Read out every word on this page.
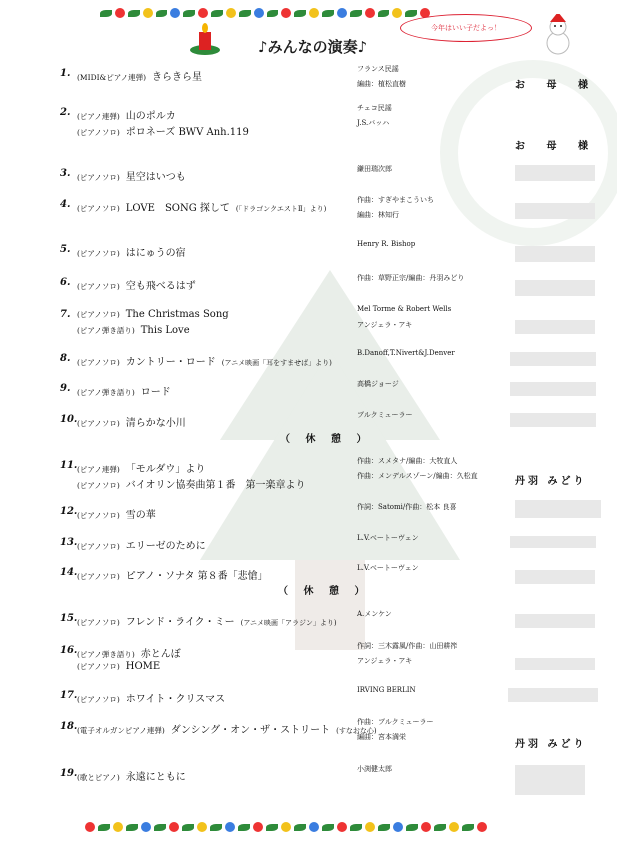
♪みんなの演奏♪
今年はいい子だよっ！
1. (MIDI&ピアノ連弾) きらきら星
フランス民謡
編曲：植松直樹	お 母 様
2. (ピアノ連弾) 山のポルカ
(ピアノソロ) ポロネーズ BWV Anh.119
チェコ民謡
J.S.バッハ
お 母 様
3. (ピアノソロ) 星空はいつも
鎌田瑞次郎
4. (ピアノソロ) LOVE　SONG 探して (「ドラゴンクエストⅡ」より)
作曲：すぎやまこういち
編曲：林知行
5. (ピアノソロ) はにゅうの宿
Henry R. Bishop
6. (ピアノソロ) 空も飛べるはず
作曲：草野正宗/編曲：丹羽みどり
7. (ピアノソロ) The Christmas Song
(ピアノ弾き語り) This Love
Mel Torme & Robert Wells
アンジェラ・アキ
8. (ピアノソロ) カントリー・ロード (アニメ映画「耳をすませば」より)
B.Danoff,T.Nivert&J.Denver
9. (ピアノ弾き語り) ロード
高橋ジョージ
10. (ピアノソロ) 清らかな小川
ブルクミューラー
11. (ピアノ連弾) 「モルダウ」より
(ピアノソロ) バイオリン協奏曲第１番　第一楽章より
作曲：スメタナ/編曲：大牧直人
作曲：メンデルスゾーン/編曲：久松直	丹羽 みどり
12. (ピアノソロ) 雪の華
作詞：Satomi/作曲：松本 良喜
13. (ピアノソロ) エリーゼのために
L.V.ベートーヴェン
14. (ピアノソロ) ピアノ・ソナタ 第８番「悲愴」
L.V.ベートーヴェン
15. (ピアノソロ) フレンド・ライク・ミー (アニメ映画「アラジン」より)
A.メンケン
16. (ピアノ弾き語り) 赤とんぼ
(ピアノソロ) HOME
作詞：三木露風/作曲：山田耕筰
アンジェラ・アキ
17. (ピアノソロ) ホワイト・クリスマス
IRVING BERLIN
18. (電子オルガンピアノ連弾) ダンシング・オン・ザ・ストリート (すなおな心)
作曲：ブルクミューラー
編曲：宮本満栄
丹羽 みどり
19. (歌とピアノ) 永遠にともに
小渕健太郎
（ 休 憩 ）
（ 休 憩 ）
